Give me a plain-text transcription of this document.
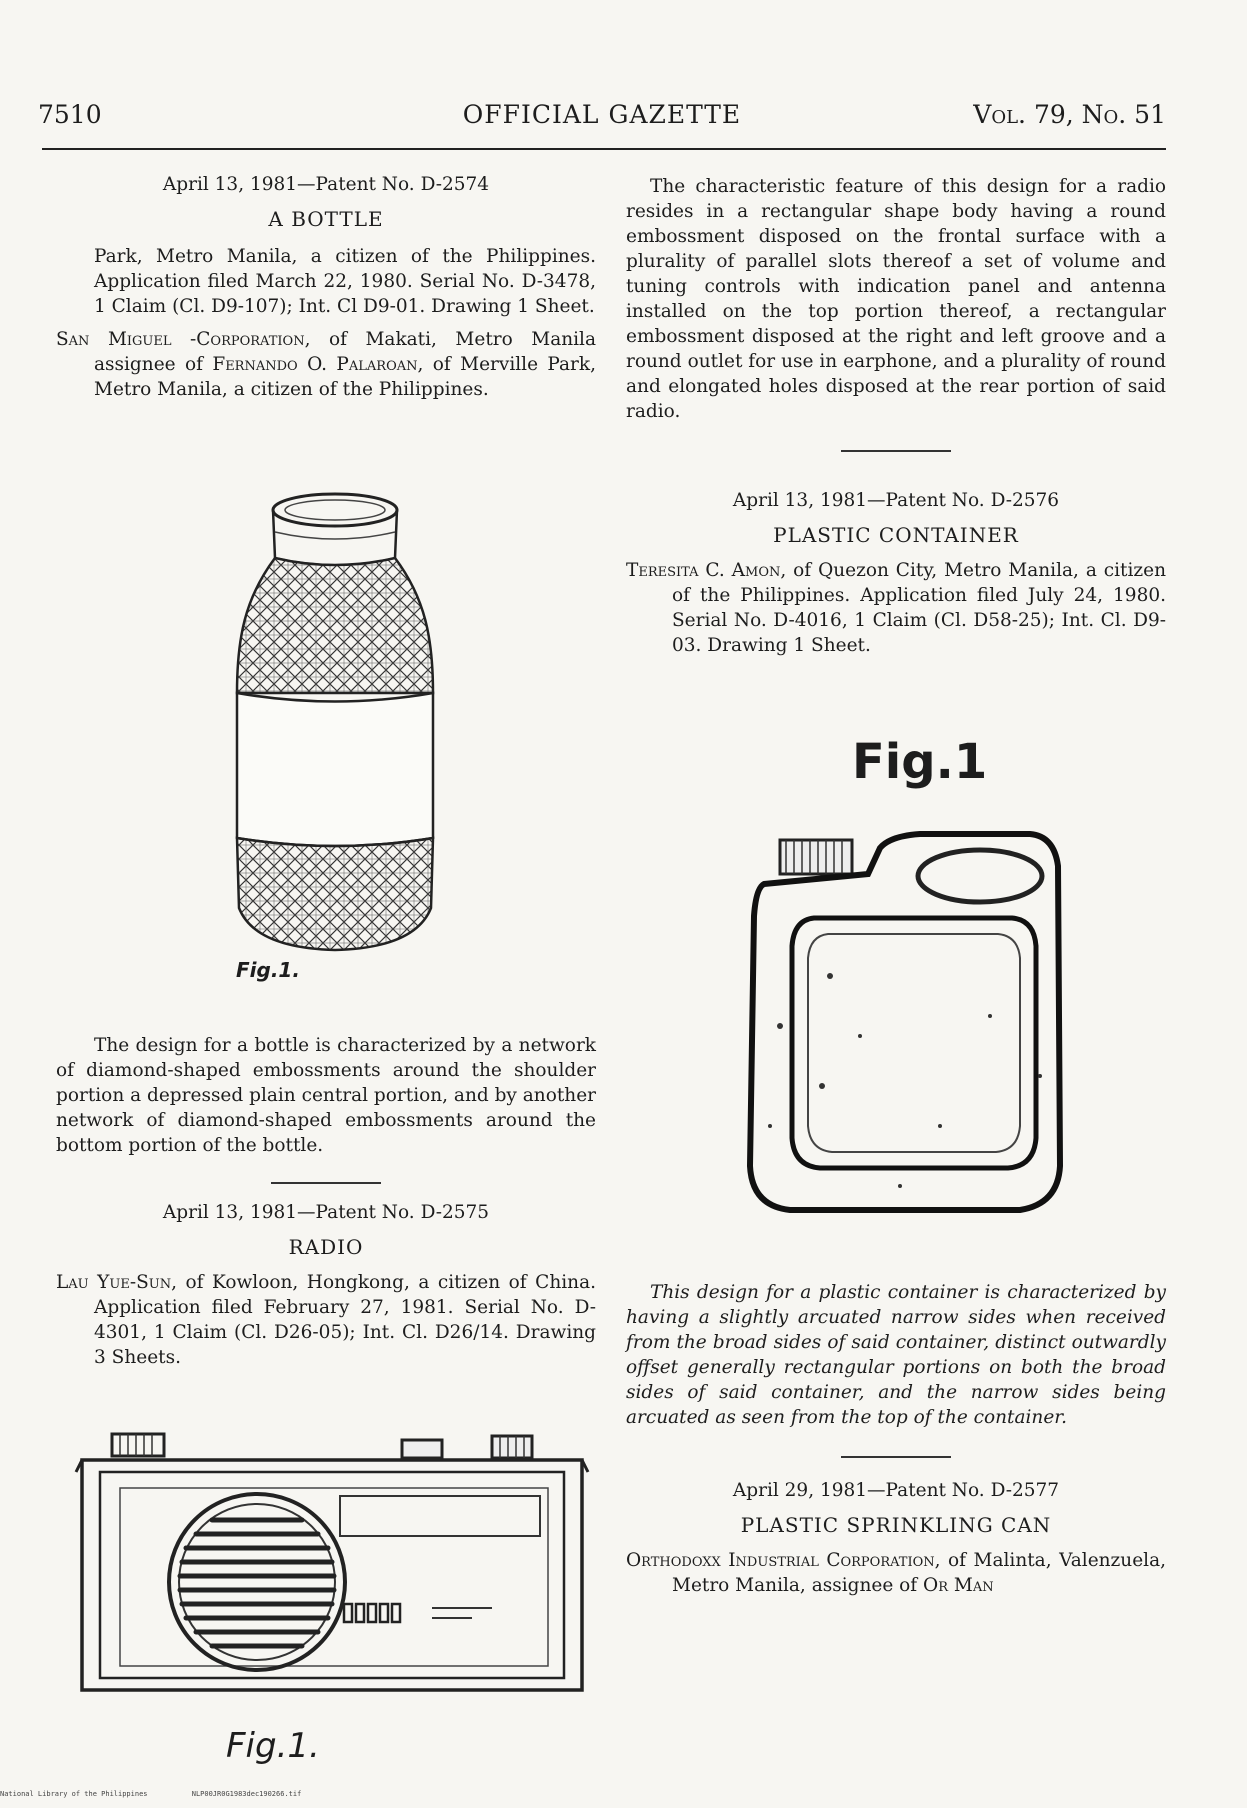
7510	OFFICIAL GAZETTE	Vol. 79, No. 51
April 13, 1981—Patent No. D-2574
A BOTTLE
Park, Metro Manila, a citizen of the Philippines. Application filed March 22, 1980. Serial No. D-3478, 1 Claim (Cl. D9-107); Int. Cl D9-01. Drawing 1 Sheet.
San Miguel -Corporation, of Makati, Metro Manila assignee of Fernando O. Palaroan, of Merville Park, Metro Manila, a citizen of the Philippines.
Fig.1.
The design for a bottle is characterized by a network of diamond-shaped embossments around the shoulder portion a depressed plain central portion, and by another network of diamond-shaped embossments around the bottom portion of the bottle.
April 13, 1981—Patent No. D-2575
RADIO
Lau Yue-Sun, of Kowloon, Hongkong, a citizen of China. Application filed February 27, 1981. Serial No. D-4301, 1 Claim (Cl. D26-05); Int. Cl. D26/14. Drawing 3 Sheets.
Fig.1.
The characteristic feature of this design for a radio resides in a rectangular shape body having a round embossment disposed on the frontal surface with a plurality of parallel slots thereof a set of volume and tuning controls with indication panel and antenna installed on the top portion thereof, a rectangular embossment disposed at the right and left groove and a round outlet for use in earphone, and a plurality of round and elongated holes disposed at the rear portion of said radio.
April 13, 1981—Patent No. D-2576
PLASTIC CONTAINER
Teresita C. Amon, of Quezon City, Metro Manila, a citizen of the Philippines. Application filed July 24, 1980. Serial No. D-4016, 1 Claim (Cl. D58-25); Int. Cl. D9-03. Drawing 1 Sheet.
Fig.1
This design for a plastic container is characterized by having a slightly arcuated narrow sides when received from the broad sides of said container, distinct outwardly offset generally rectangular portions on both the broad sides of said container, and the narrow sides being arcuated as seen from the top of the container.
April 29, 1981—Patent No. D-2577
PLASTIC SPRINKLING CAN
Orthodoxx Industrial Corporation, of Malinta, Valenzuela, Metro Manila, assignee of Or Man
National Library of the Philippines	NLP00JR0G1983dec190266.tif
